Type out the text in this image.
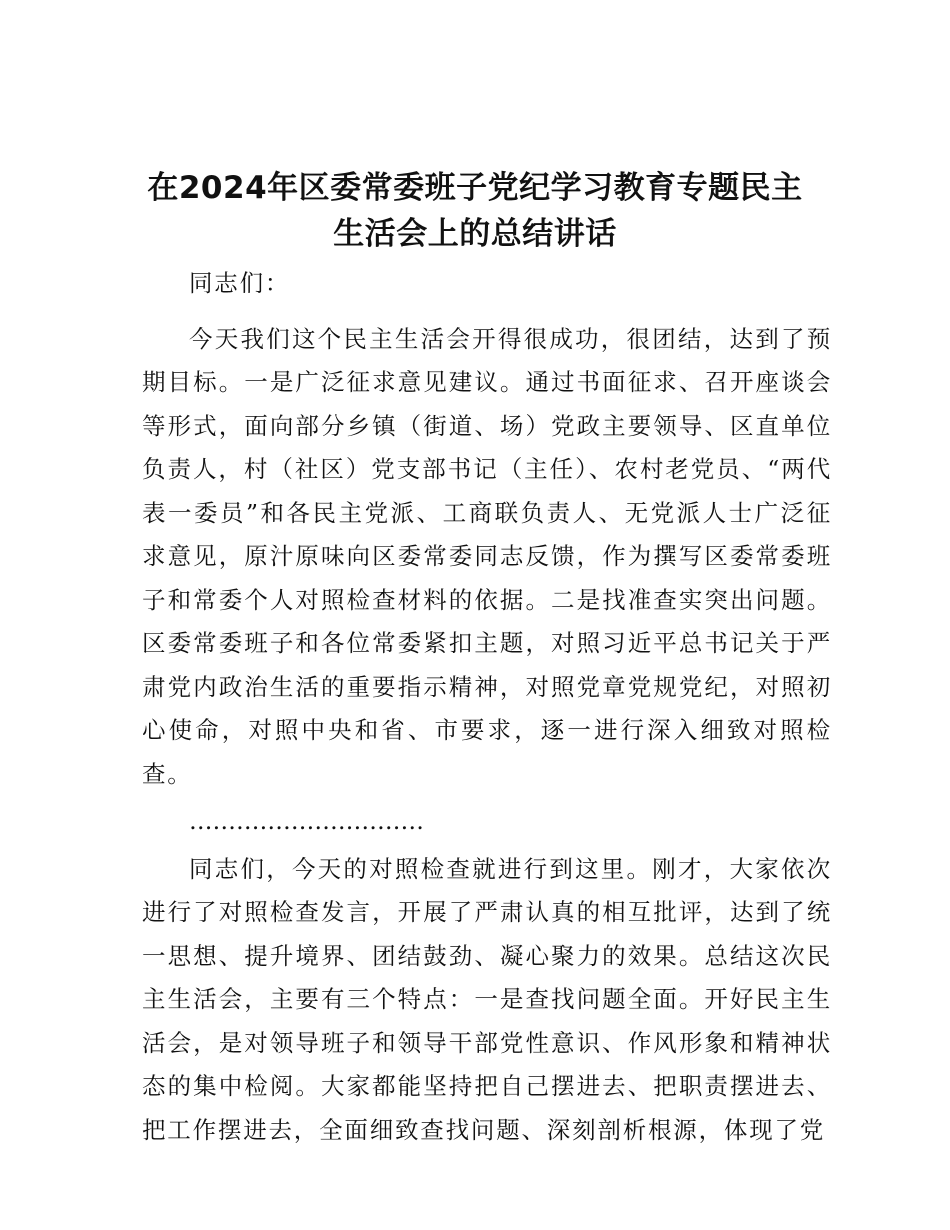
在2024年区委常委班子党纪学习教育专题民主
生活会上的总结讲话

同志们：

今天我们这个民主生活会开得很成功，很团结，达到了预期目标。一是广泛征求意见建议。通过书面征求、召开座谈会等形式，面向部分乡镇（街道、场）党政主要领导、区直单位负责人，村（社区）党支部书记（主任）、农村老党员、“两代表一委员”和各民主党派、工商联负责人、无党派人士广泛征求意见，原汁原味向区委常委同志反馈，作为撰写区委常委班子和常委个人对照检查材料的依据。二是找准查实突出问题。区委常委班子和各位常委紧扣主题，对照习近平总书记关于严肃党内政治生活的重要指示精神，对照党章党规党纪，对照初心使命，对照中央和省、市要求，逐一进行深入细致对照检查。

…………………………

同志们，今天的对照检查就进行到这里。刚才，大家依次进行了对照检查发言，开展了严肃认真的相互批评，达到了统一思想、提升境界、团结鼓劲、凝心聚力的效果。总结这次民主生活会，主要有三个特点：一是查找问题全面。开好民主生活会，是对领导班子和领导干部党性意识、作风形象和精神状态的集中检阅。大家都能坚持把自己摆进去、把职责摆进去、把工作摆进去，全面细致查找问题、深刻剖析根源，体现了党
